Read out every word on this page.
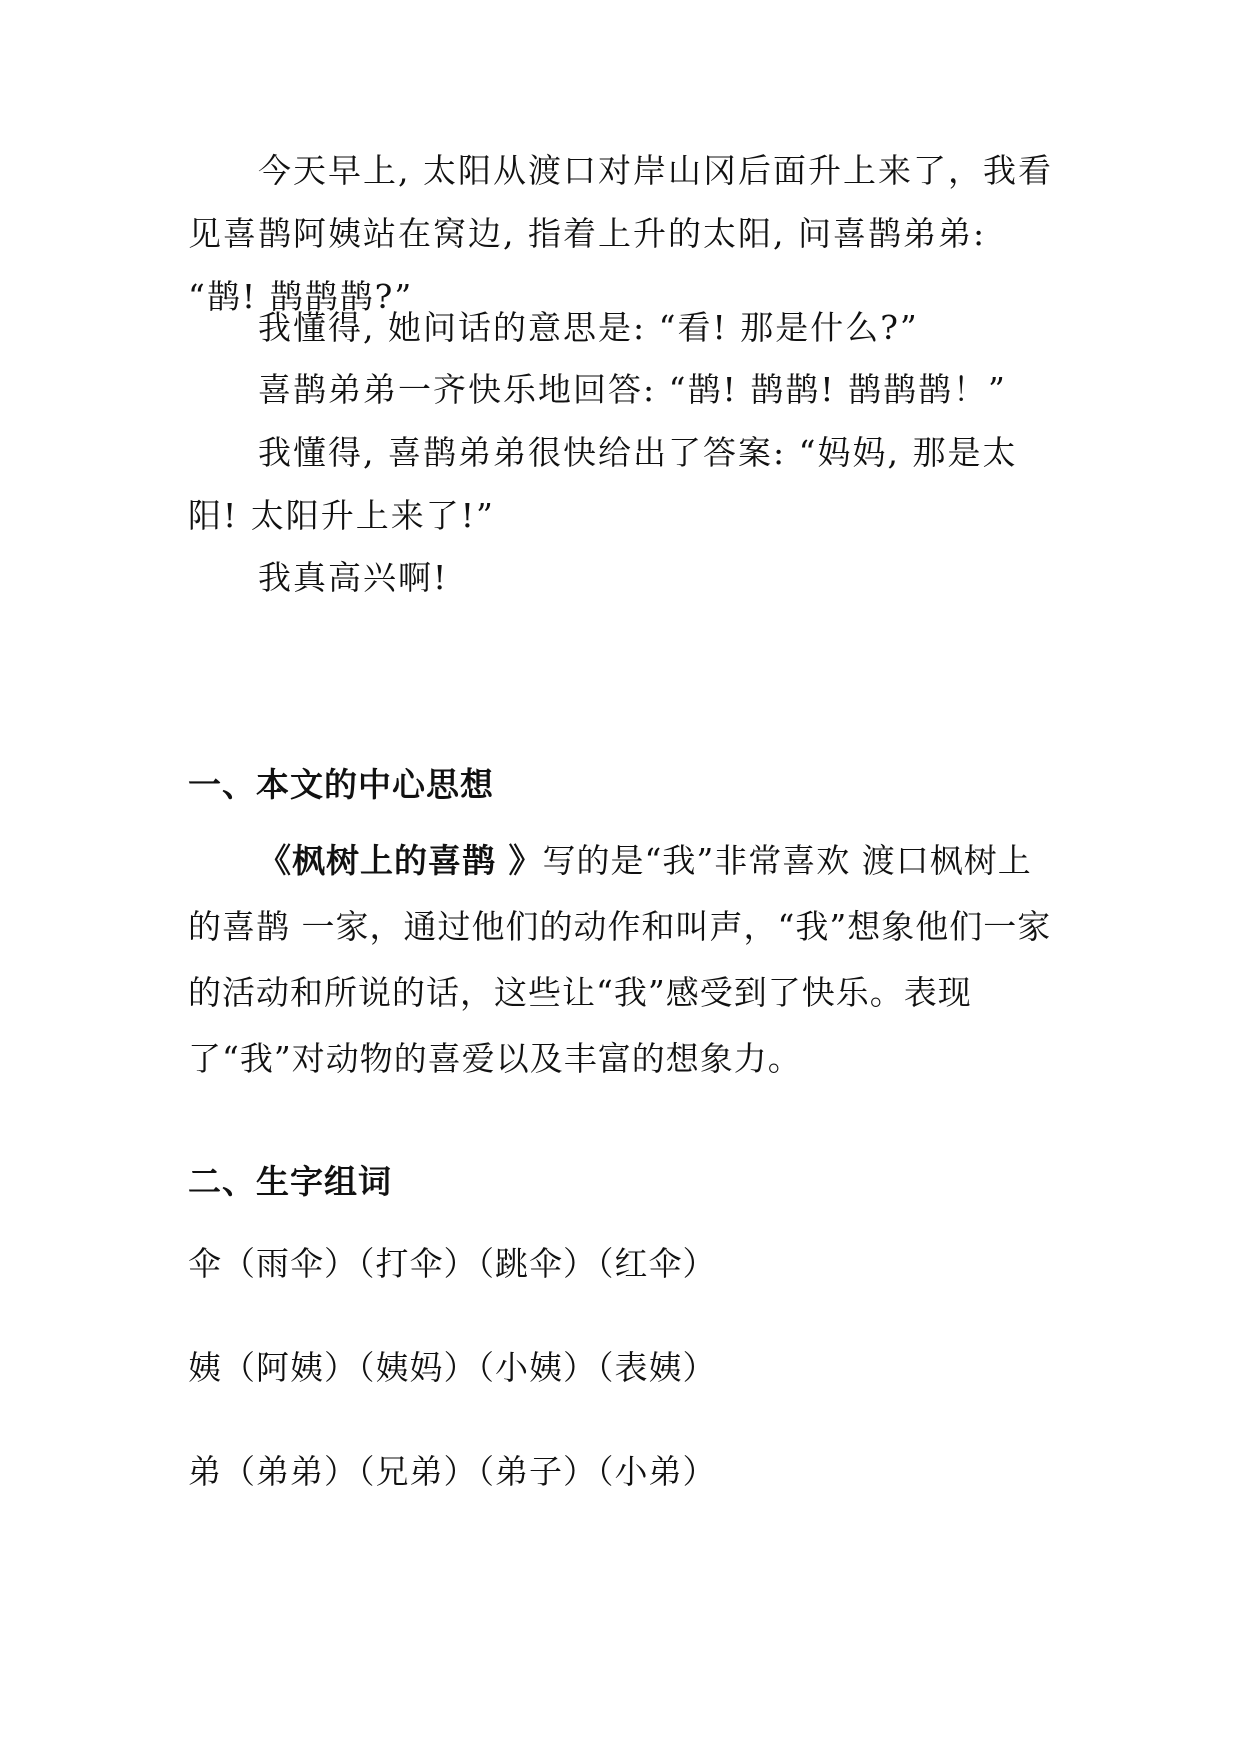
今天早上, 太阳从渡口对岸山冈后面升上来了，我看见喜鹊阿姨站在窝边, 指着上升的太阳, 问喜鹊弟弟: “鹊! 鹊鹊鹊?”

我懂得, 她问话的意思是: “看! 那是什么?”

喜鹊弟弟一齐快乐地回答: “鹊! 鹊鹊! 鹊鹊鹊！”

我懂得, 喜鹊弟弟很快给出了答案: “妈妈, 那是太阳! 太阳升上来了!”

我真高兴啊!

一、本文的中心思想

《枫树上的喜鹊 》写的是“我”非常喜欢 渡口枫树上的喜鹊 一家，通过他们的动作和叫声，“我”想象他们一家的活动和所说的话，这些让“我”感受到了快乐。表现了“我”对动物的喜爱以及丰富的想象力。

二、生字组词

伞（雨伞）（打伞）（跳伞）（红伞）

姨（阿姨）（姨妈）（小姨）（表姨）

弟（弟弟）（兄弟）（弟子）（小弟）
